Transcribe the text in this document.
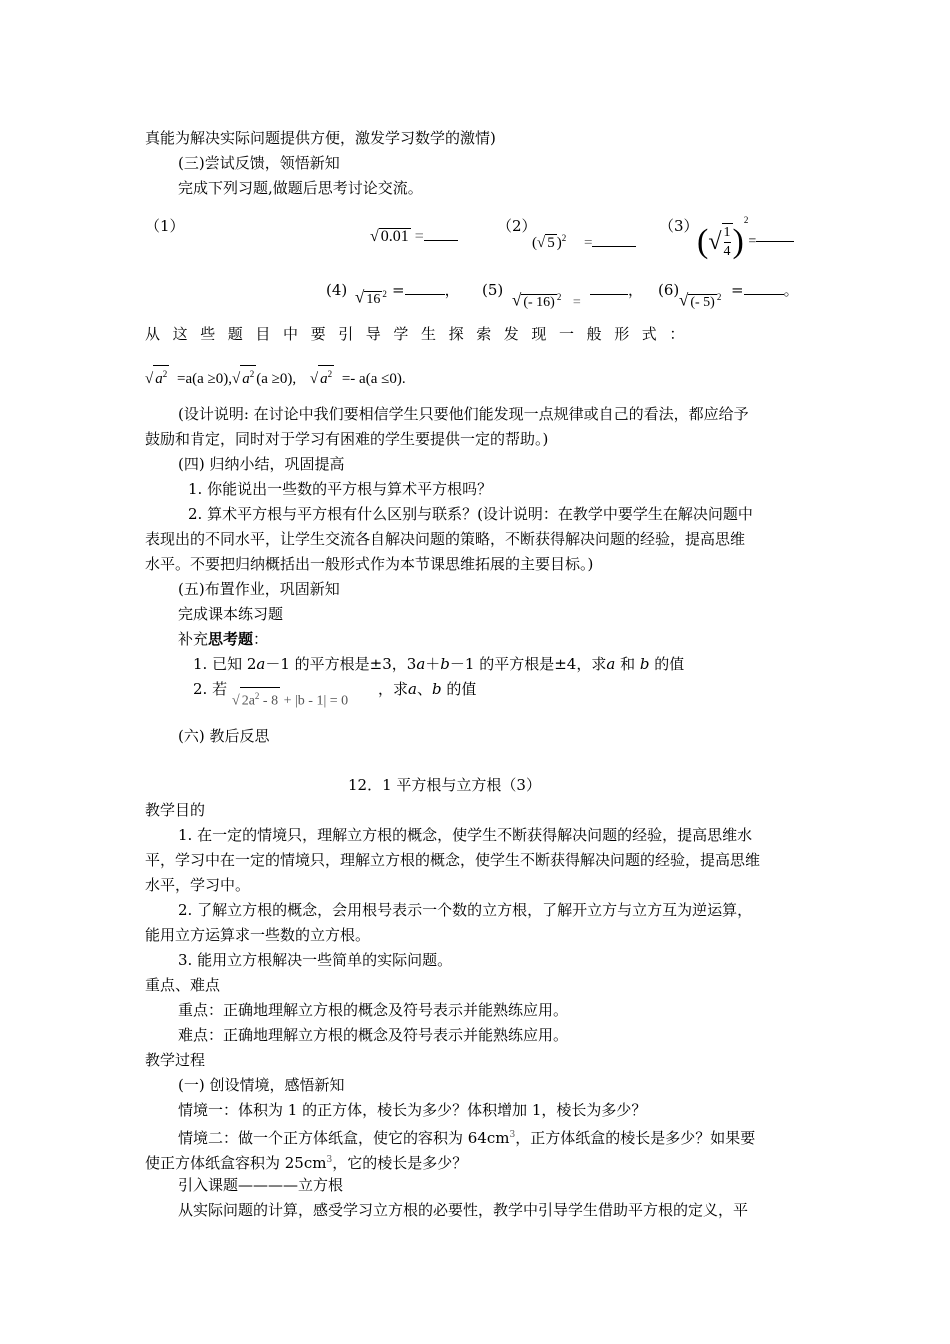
真能为解决实际问题提供方便，激发学习数学的激情)
(三)尝试反馈，领悟新知
完成下列习题,做题后思考讨论交流。
（1）
√ 0.01 =
（2）
(√ 5 )$^2$ =
（3）
(√ $\frac{1}{4} )^2=$
(4) √ 16 $^2$ =	， (5)
√ (- 16) $^2$ =
， (6)
√ (- 5) $^2$ =	。
从这些题目中要引导学生探索发现一般形式：
√ $a^2 =a(a \ge 0),√$ $a^2$ (a ≥0), √ $a^2 =- a(a \le 0)$.
(设计说明: 在讨论中我们要相信学生只要他们能发现一点规律或自己的看法，都应给予
鼓励和肯定，同时对于学习有困难的学生要提供一定的帮助。)
(四) 归纳小结，巩固提高
1. 你能说出一些数的平方根与算术平方根吗？
2. 算术平方根与平方根有什么区别与联系？(设计说明：在教学中要学生在解决问题中
表现出的不同水平，让学生交流各自解决问题的策略，不断获得解决问题的经验，提高思维
水平。不要把归纳概括出一般形式作为本节课思维拓展的主要目标。)
(五)布置作业，巩固新知
完成课本练习题
补充思考题：
1. 已知 2a－1 的平方根是±3，3a＋b－1 的平方根是±4，求a 和 b 的值
2. 若
√ $2a^2 - 8 + |b - 1| = 0$
，求a、b 的值
(六) 教后反思
12．1 平方根与立方根（3）
教学目的
1. 在一定的情境只，理解立方根的概念，使学生不断获得解决问题的经验，提高思维水
平，学习中在一定的情境只，理解立方根的概念，使学生不断获得解决问题的经验，提高思维
水平，学习中。
2. 了解立方根的概念，会用根号表示一个数的立方根，了解开立方与立方互为逆运算，
能用立方运算求一些数的立方根。
3. 能用立方根解决一些简单的实际问题。
重点、难点
重点：正确地理解立方根的概念及符号表示并能熟练应用。
难点：正确地理解立方根的概念及符号表示并能熟练应用。
教学过程
(一) 创设情境，感悟新知
情境一：体积为 1 的正方体，棱长为多少？体积增加 1，棱长为多少？
情境二：做一个正方体纸盒，使它的容积为 $64cm^3$，正方体纸盒的棱长是多少？如果要
使正方体纸盒容积为 $25cm^3$，它的棱长是多少？
引入课题————立方根
从实际问题的计算，感受学习立方根的必要性，教学中引导学生借助平方根的定义，平
